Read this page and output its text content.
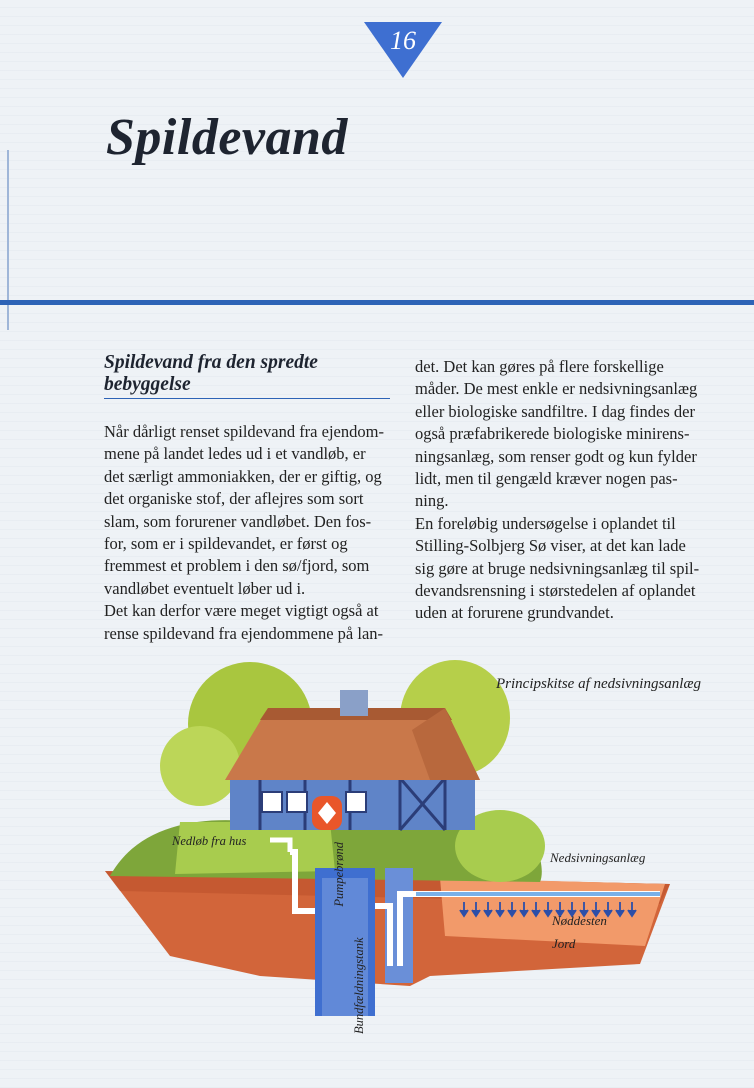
16
Spildevand
Spildevand fra den spredte bebyggelse

Når dårligt renset spildevand fra ejendom-
mene på landet ledes ud i et vandløb, er
det særligt ammoniakken, der er giftig, og
det organiske stof, der aflejres som sort
slam, som forurener vandløbet. Den fos-
for, som er i spildevandet, er først og
fremmest et problem i den sø/fjord, som
vandløbet eventuelt løber ud i.
Det kan derfor være meget vigtigt også at
rense spildevand fra ejendommene på lan-

det. Det kan gøres på flere forskellige
måder. De mest enkle er nedsivningsanlæg
eller biologiske sandfiltre. I dag findes der
også præfabrikerede biologiske minirens-
ningsanlæg, som renser godt og kun fylder
lidt, men til gengæld kræver nogen pas-
ning.

En foreløbig undersøgelse i oplandet til
Stilling-Solbjerg Sø viser, at det kan lade
sig gøre at bruge nedsivningsanlæg til spil-
devandsrensning i størstedelen af oplandet
uden at forurene grundvandet.

Principskitse af nedsivningsanlæg
Nedløb fra hus
Nedsivningsanlæg
Nøddesten
Jord
Pumpebrønd
Bundfældningstank
